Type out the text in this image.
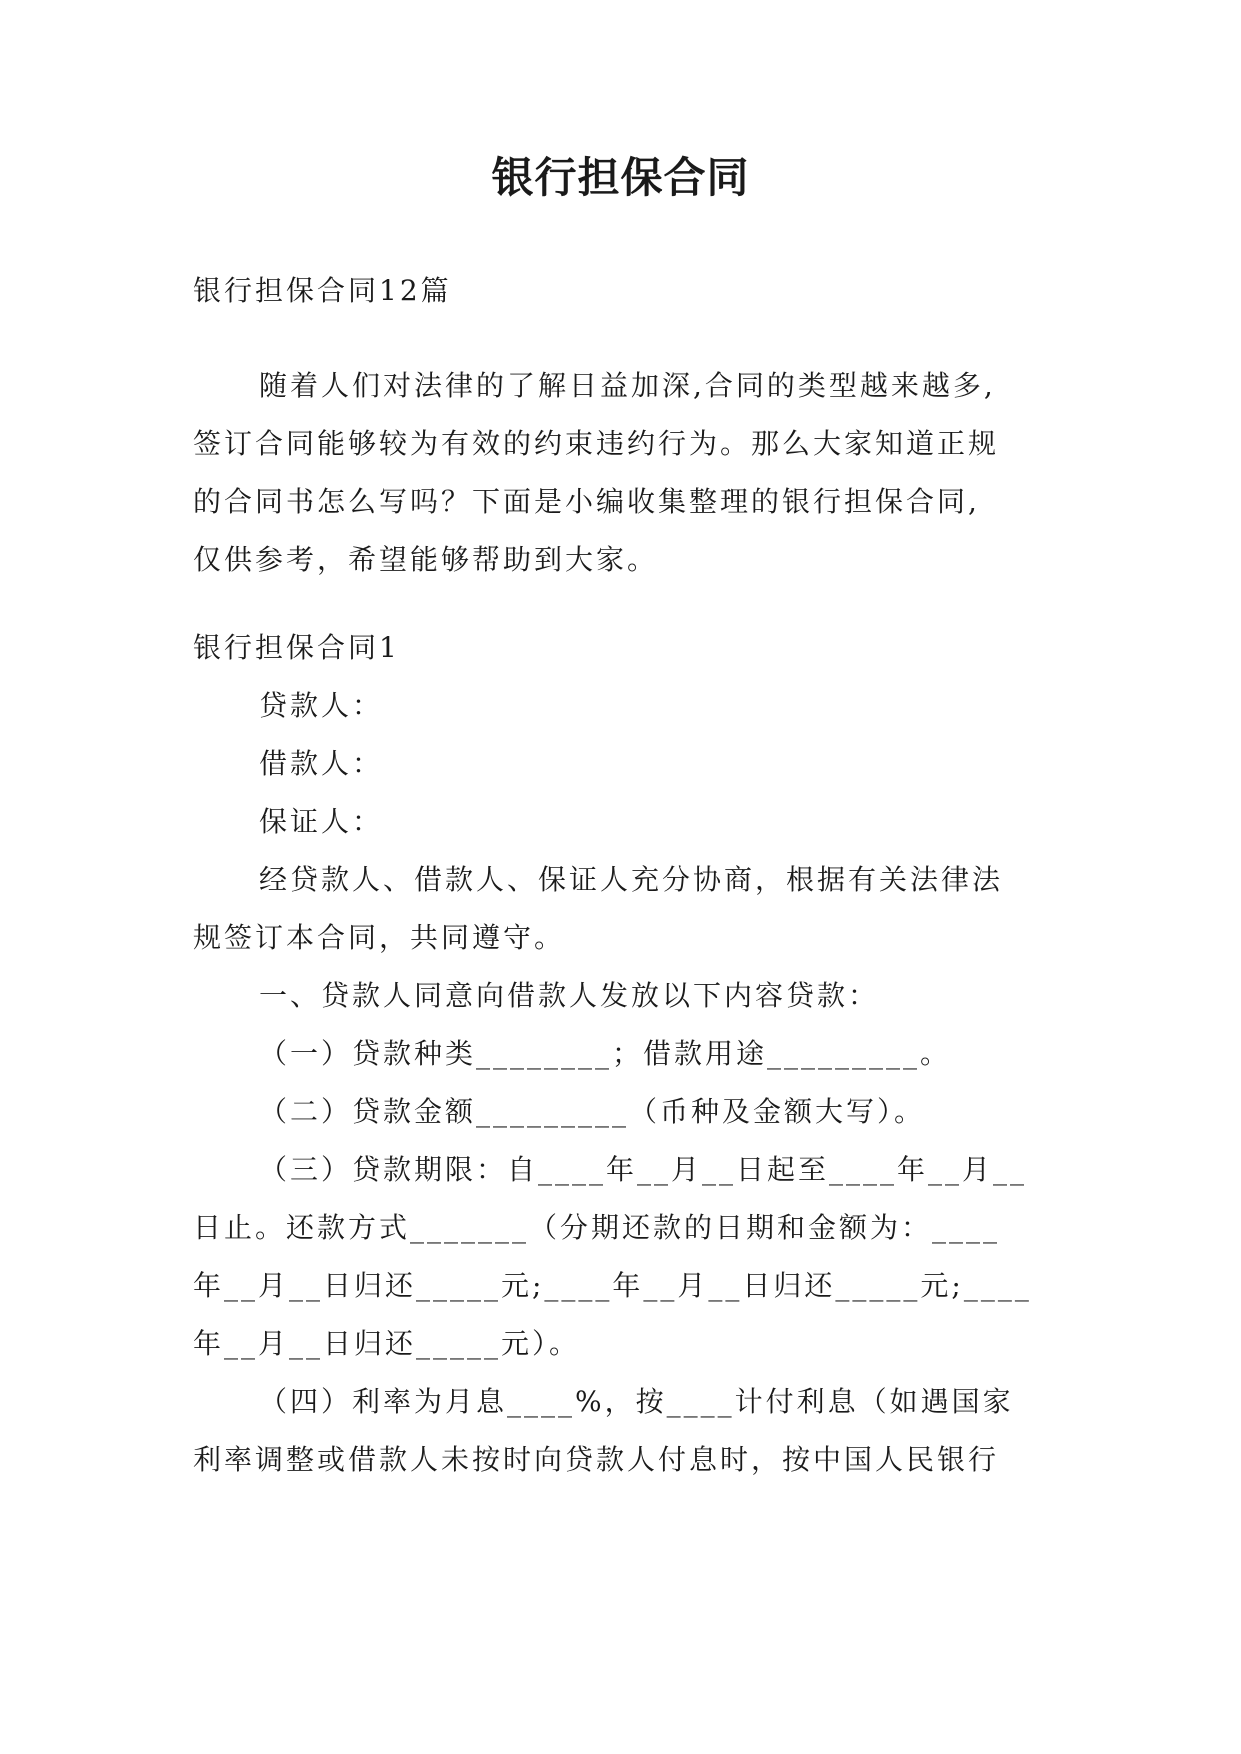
银行担保合同
银行担保合同12篇
随着人们对法律的了解日益加深,合同的类型越来越多,
签订合同能够较为有效的约束违约行为。那么大家知道正规
的合同书怎么写吗？下面是小编收集整理的银行担保合同,
仅供参考，希望能够帮助到大家。
银行担保合同1
贷款人：
借款人：
保证人：
经贷款人、借款人、保证人充分协商，根据有关法律法
规签订本合同，共同遵守。
一、贷款人同意向借款人发放以下内容贷款：
（一）贷款种类________；借款用途_________。
（二）贷款金额_________（币种及金额大写）。
（三）贷款期限：自____年__月__日起至____年__月__
日止。还款方式_______（分期还款的日期和金额为：____
年__月__日归还_____元;____年__月__日归还_____元;____
年__月__日归还_____元）。
（四）利率为月息____%，按____计付利息（如遇国家
利率调整或借款人未按时向贷款人付息时，按中国人民银行
